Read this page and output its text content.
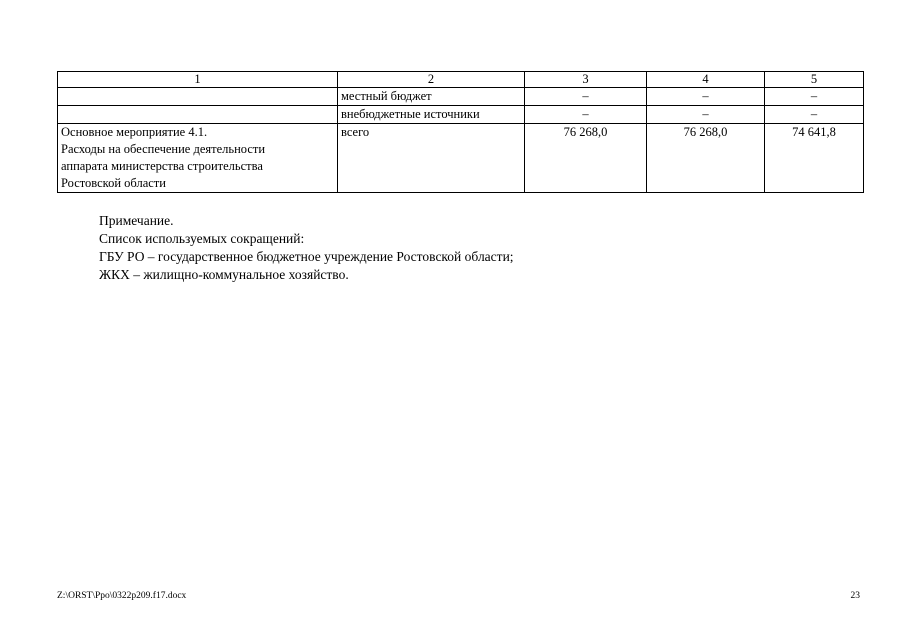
1	2	3	4	5
	местный бюджет	–	–	–
	внебюджетные источники	–	–	–

Основное мероприятие 4.1.
Расходы на обеспечение деятельности
аппарата министерства строительства
Ростовской области	всего	76 268,0	76 268,0	74 641,8
Примечание.
Список используемых сокращений:
ГБУ РО – государственное бюджетное учреждение Ростовской области;
ЖКХ – жилищно-коммунальное хозяйство.
Z:\ORST\Ppo\0322p209.f17.docx	23
